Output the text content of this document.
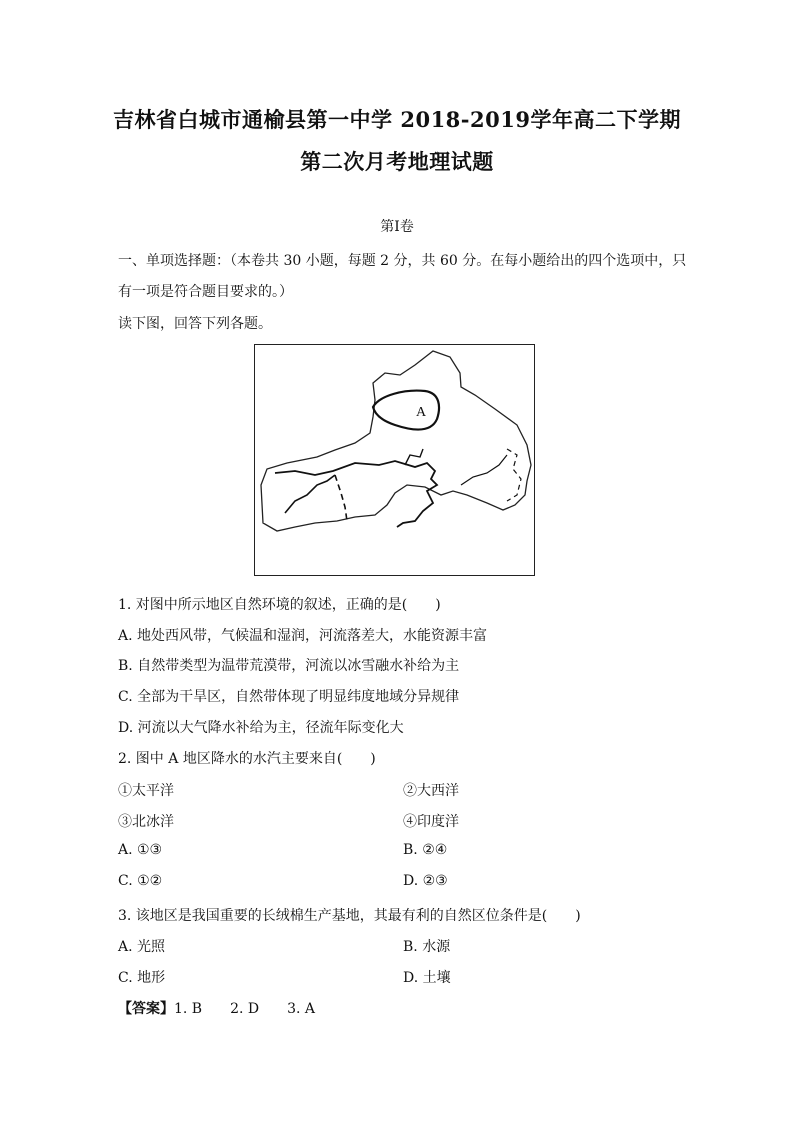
吉林省白城市通榆县第一中学 2018-2019学年高二下学期
第二次月考地理试题
第Ⅰ卷
一、单项选择题：（本卷共 30 小题，每题 2 分，共 60 分。在每小题给出的四个选项中，只
有一项是符合题目要求的。）
读下图，回答下列各题。
A
1. 对图中所示地区自然环境的叙述，正确的是(　　)
A. 地处西风带，气候温和湿润，河流落差大，水能资源丰富
B. 自然带类型为温带荒漠带，河流以冰雪融水补给为主
C. 全部为干旱区，自然带体现了明显纬度地域分异规律
D. 河流以大气降水补给为主，径流年际变化大
2. 图中 A 地区降水的水汽主要来自(　　)
①太平洋	②大西洋
③北冰洋	④印度洋
A. ①③	B. ②④
C. ①②	D. ②③
3. 该地区是我国重要的长绒棉生产基地，其最有利的自然区位条件是(　　)
A. 光照	B. 水源
C. 地形	D. 土壤
【答案】1. B　　2. D　　3. A
